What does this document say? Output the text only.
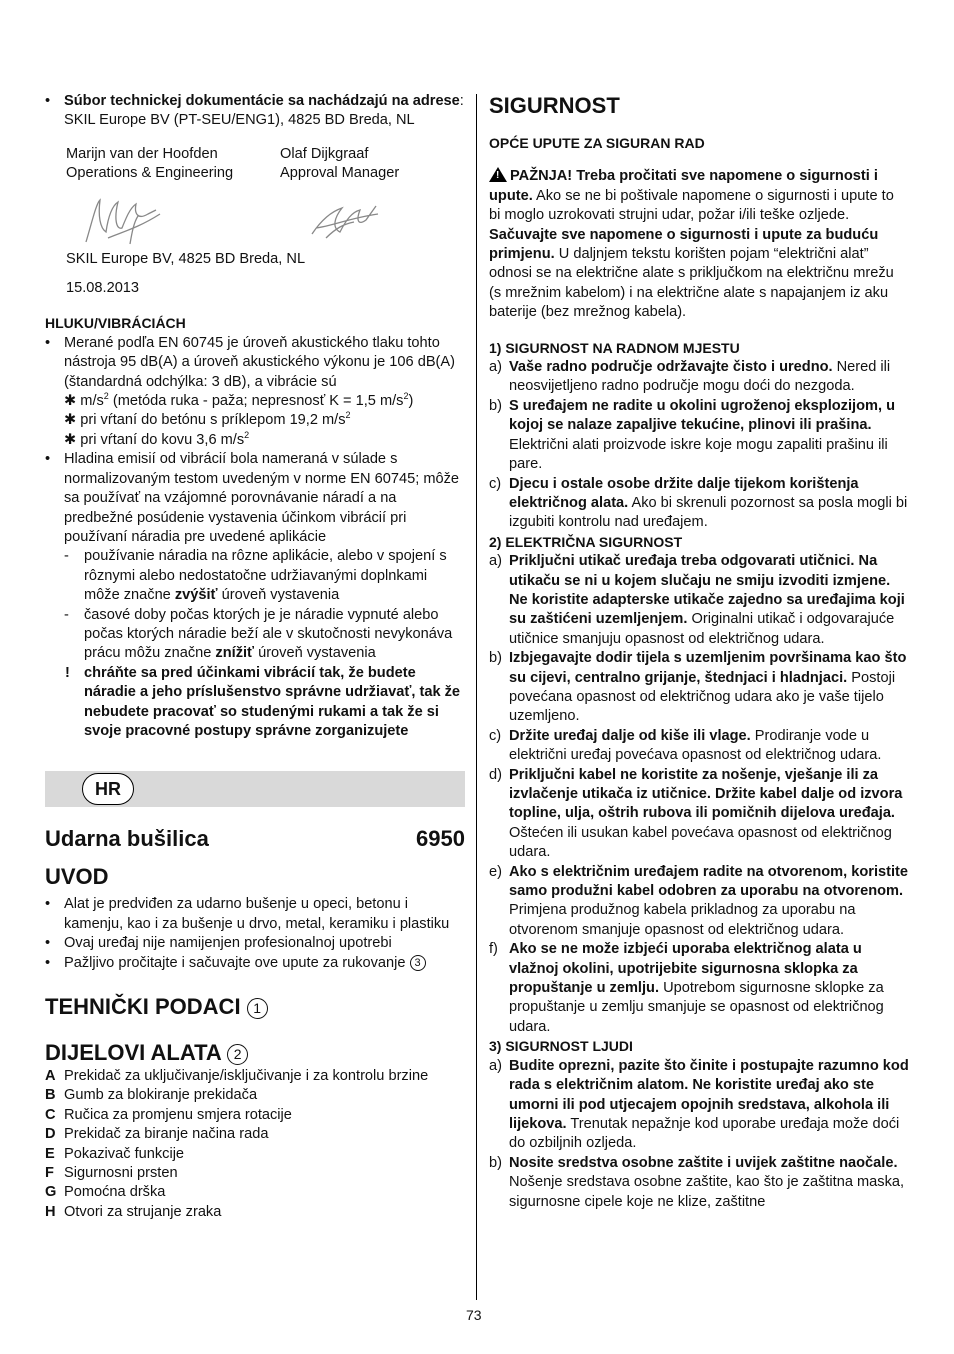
• Súbor technickej dokumentácie sa nachádzajú na adrese: SKIL Europe BV (PT-SEU/ENG1), 4825 BD Breda, NL
Marijn van der Hoofden
Operations & Engineering
Olaf Dijkgraaf
Approval Manager
SKIL Europe BV, 4825 BD Breda, NL
15.08.2013
HLUKU/VIBRÁCIÁCH
• Merané podľa EN 60745 je úroveň akustického tlaku tohto nástroja 95 dB(A) a úroveň akustického výkonu je 106 dB(A) (štandardná odchýlka: 3 dB), a vibrácie sú
✱ $m/s^2$ (metóda ruka - paža; nepresnosť K = 1,5 $m/s^2$)
✱ pri vŕtaní do betónu s príklepom 19,2 $m/s^2$
✱ pri vŕtaní do kovu 3,6 $m/s^2$
• Hladina emisií od vibrácií bola nameraná v súlade s normalizovaným testom uvedeným v norme EN 60745; môže sa používať na vzájomné porovnávanie náradí a na predbežné posúdenie vystavenia účinkom vibrácií pri používaní náradia pre uvedené aplikácie
- používanie náradia na rôzne aplikácie, alebo v spojení s rôznymi alebo nedostatočne udržiavanými doplnkami môže značne zvýšiť úroveň vystavenia
- časové doby počas ktorých je je náradie vypnuté alebo počas ktorých náradie beží ale v skutočnosti nevykonáva prácu môžu značne znížiť úroveň vystavenia
! chráňte sa pred účinkami vibrácií tak, že budete náradie a jeho príslušenstvo správne udržiavať, tak že nebudete pracovať so studenými rukami a tak že si svoje pracovné postupy správne zorganizujete
HR
Udarna bušilica	6950
UVOD
• Alat je predviđen za udarno bušenje u opeci, betonu i kamenju, kao i za bušenje u drvo, metal, keramiku i plastiku
• Ovaj uređaj nije namijenjen profesionalnoj upotrebi
• Pažljivo pročitajte i sačuvajte ove upute za rukovanje 3
TEHNIČKI PODACI 1
DIJELOVI ALATA 2
A Prekidač za uključivanje/isključivanje i za kontrolu brzine
B Gumb za blokiranje prekidača
C Ručica za promjenu smjera rotacije
D Prekidač za biranje načina rada
E Pokazivač funkcije
F Sigurnosni prsten
G Pomoćna drška
H Otvori za strujanje zraka
SIGURNOST
OPĆE UPUTE ZA SIGURAN RAD
!PAŽNJA! Treba pročitati sve napomene o sigurnosti i upute. Ako se ne bi poštivale napomene o sigurnosti i upute to bi moglo uzrokovati strujni udar, požar i/ili teške ozljede. Sačuvajte sve napomene o sigurnosti i upute za buduću primjenu. U daljnjem tekstu korišten pojam “električni alat” odnosi se na električne alate s priključkom na električnu mrežu (s mrežnim kabelom) i na električne alate s napajanjem iz aku baterije (bez mrežnog kabela).
1) SIGURNOST NA RADNOM MJESTU
a) Vaše radno područje održavajte čisto i uredno. Nered ili neosvijetljeno radno područje mogu doći do nezgoda.
b) S uređajem ne radite u okolini ugroženoj eksplozijom, u kojoj se nalaze zapaljive tekućine, plinovi ili prašina. Električni alati proizvode iskre koje mogu zapaliti prašinu ili pare.
c) Djecu i ostale osobe držite dalje tijekom korištenja električnog alata. Ako bi skrenuli pozornost sa posla mogli bi izgubiti kontrolu nad uređajem.
2) ELEKTRIČNA SIGURNOST
a) Priključni utikač uređaja treba odgovarati utičnici. Na utikaču se ni u kojem slučaju ne smiju izvoditi izmjene. Ne koristite adapterske utikače zajedno sa uređajima koji su zaštićeni uzemljenjem. Originalni utikač i odgovarajuće utičnice smanjuju opasnost od električnog udara.
b) Izbjegavajte dodir tijela s uzemljenim površinama kao što su cijevi, centralno grijanje, štednjaci i hladnjaci. Postoji povećana opasnost od električnog udara ako je vaše tijelo uzemljeno.
c) Držite uređaj dalje od kiše ili vlage. Prodiranje vode u električni uređaj povećava opasnost od električnog udara.
d) Priključni kabel ne koristite za nošenje, vješanje ili za izvlačenje utikača iz utičnice. Držite kabel dalje od izvora topline, ulja, oštrih rubova ili pomičnih dijelova uređaja. Oštećen ili usukan kabel povećava opasnost od električnog udara.
e) Ako s električnim uređajem radite na otvorenom, koristite samo produžni kabel odobren za uporabu na otvorenom. Primjena produžnog kabela prikladnog za uporabu na otvorenom smanjuje opasnost od električnog udara.
f) Ako se ne može izbjeći uporaba električnog alata u vlažnoj okolini, upotrijebite sigurnosna sklopka za propuštanje u zemlju. Upotrebom sigurnosne sklopke za propuštanje u zemlju smanjuje se opasnost od električnog udara.
3) SIGURNOST LJUDI
a) Budite oprezni, pazite što činite i postupajte razumno kod rada s električnim alatom. Ne koristite uređaj ako ste umorni ili pod utjecajem opojnih sredstava, alkohola ili lijekova. Trenutak nepažnje kod uporabe uređaja može doći do ozbiljnih ozljeda.
b) Nosite sredstva osobne zaštite i uvijek zaštitne naočale. Nošenje sredstava osobne zaštite, kao što je zaštitna maska, sigurnosne cipele koje ne klize, zaštitne
73
